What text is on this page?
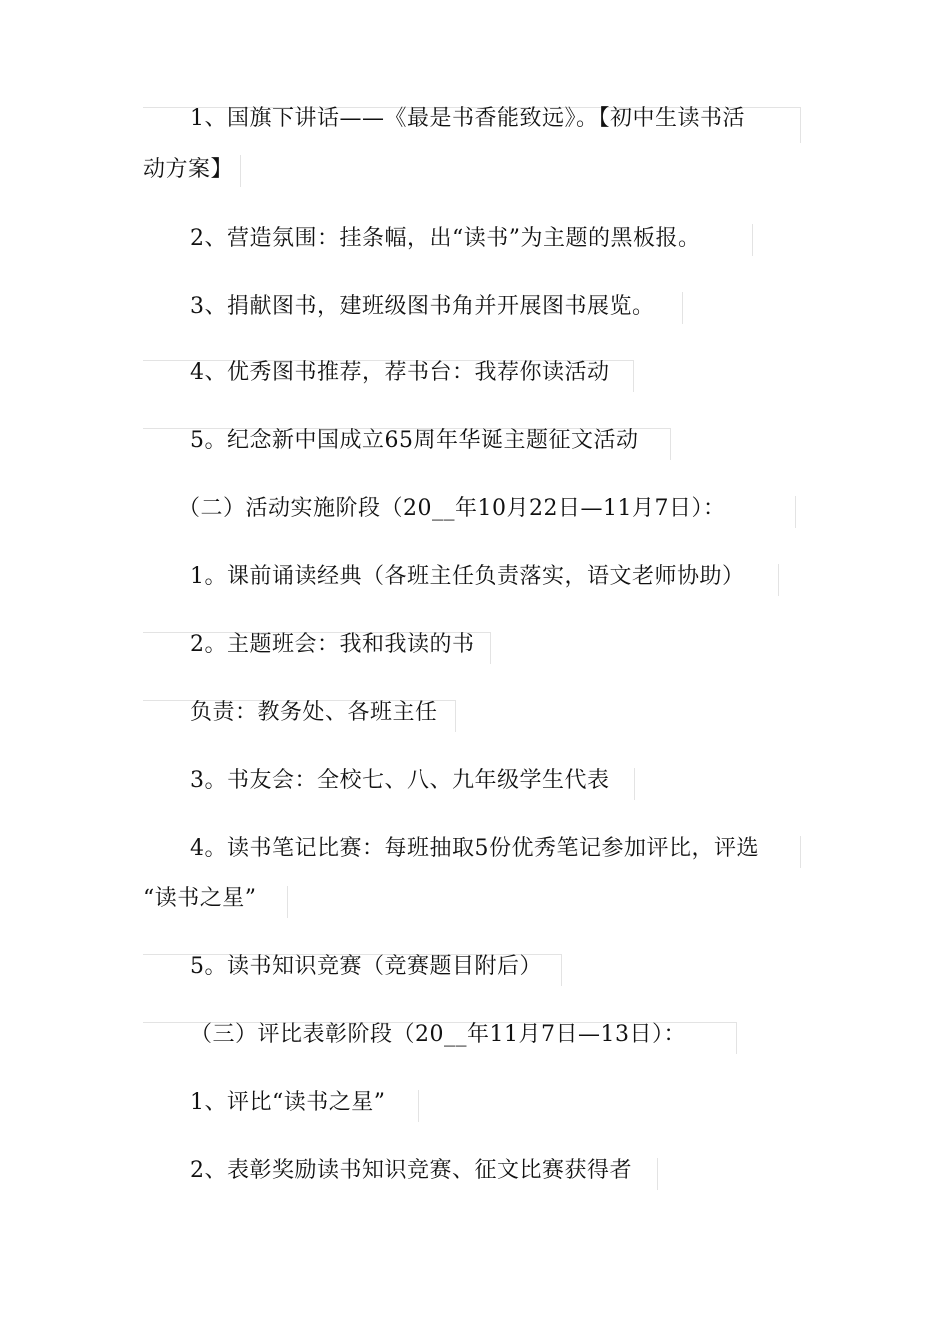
1、国旗下讲话——《最是书香能致远》。【初中生读书活
动方案】
2、营造氛围：挂条幅，出“读书”为主题的黑板报。
3、捐献图书，建班级图书角并开展图书展览。
4、优秀图书推荐，荐书台：我荐你读活动
5。纪念新中国成立65周年华诞主题征文活动
（二）活动实施阶段（20__年10月22日—11月7日）：
1。课前诵读经典（各班主任负责落实，语文老师协助）
2。主题班会：我和我读的书
负责：教务处、各班主任
3。书友会：全校七、八、九年级学生代表
4。读书笔记比赛：每班抽取5份优秀笔记参加评比，评选
“读书之星”
5。读书知识竞赛（竞赛题目附后）
（三）评比表彰阶段（20__年11月7日—13日）：
1、评比“读书之星”
2、表彰奖励读书知识竞赛、征文比赛获得者
